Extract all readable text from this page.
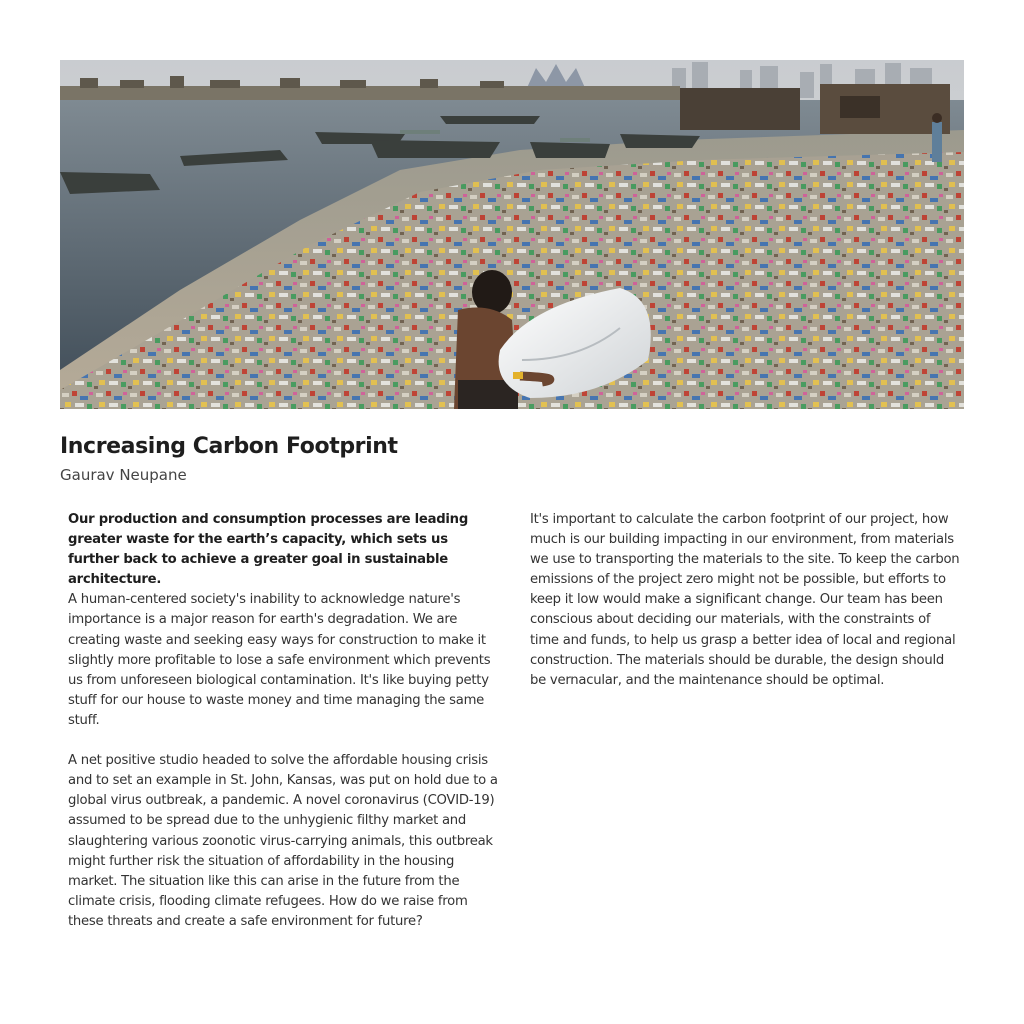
Increasing Carbon Footprint
Gaurav Neupane

Our production and consumption processes are leading greater waste for the earth’s capacity, which sets us further back to achieve a greater goal in sustainable architecture.

A human-centered society's inability to acknowledge nature's importance is a major reason for earth's degradation. We are creating waste and seeking easy ways for construction to make it slightly more profitable to lose a safe environment which prevents us from unforeseen biological contamination. It's like buying petty stuff for our house to waste money and time managing the same stuff.

A net positive studio headed to solve the affordable housing crisis and to set an example in St. John, Kansas, was put on hold due to a global virus outbreak, a pandemic. A novel coronavirus (COVID-19) assumed to be spread due to the unhygienic filthy market and slaughtering various zoonotic virus-carrying animals, this outbreak might further risk the situation of affordability in the housing market. The situation like this can arise in the future from the climate crisis, flooding climate refugees. How do we raise from these threats and create a safe environment for future?

It's important to calculate the carbon footprint of our project, how much is our building impacting in our environment, from materials we use to transporting the materials to the site. To keep the carbon emissions of the project zero might not be possible, but efforts to keep it low would make a significant change. Our team has been conscious about deciding our materials, with the constraints of time and funds, to help us grasp a better idea of local and regional construction. The materials should be durable, the design should be vernacular, and the maintenance should be optimal.
